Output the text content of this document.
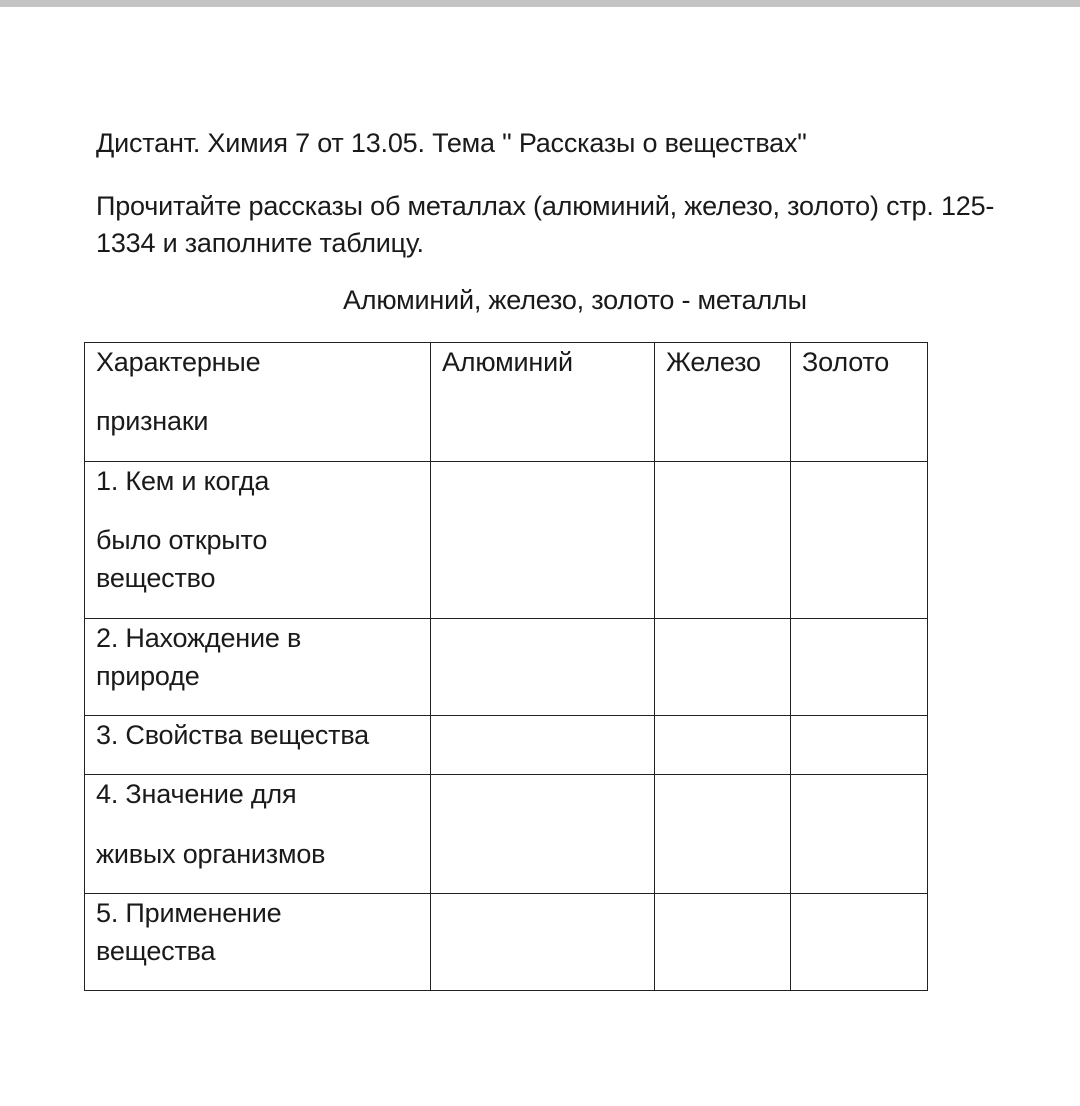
Дистант. Химия 7 от 13.05. Тема " Рассказы о веществах"
Прочитайте рассказы об металлах (алюминий, железо, золото) стр. 125-1334 и заполните таблицу.
Алюминий, железо, золото - металлы
Характерные
признаки	Алюминий	Железо	Золото

1. Кем и когда
было открыто
вещество			

2. Нахождение в
природе			

3. Свойства вещества			

4. Значение для
живых организмов			

5. Применение
вещества			
